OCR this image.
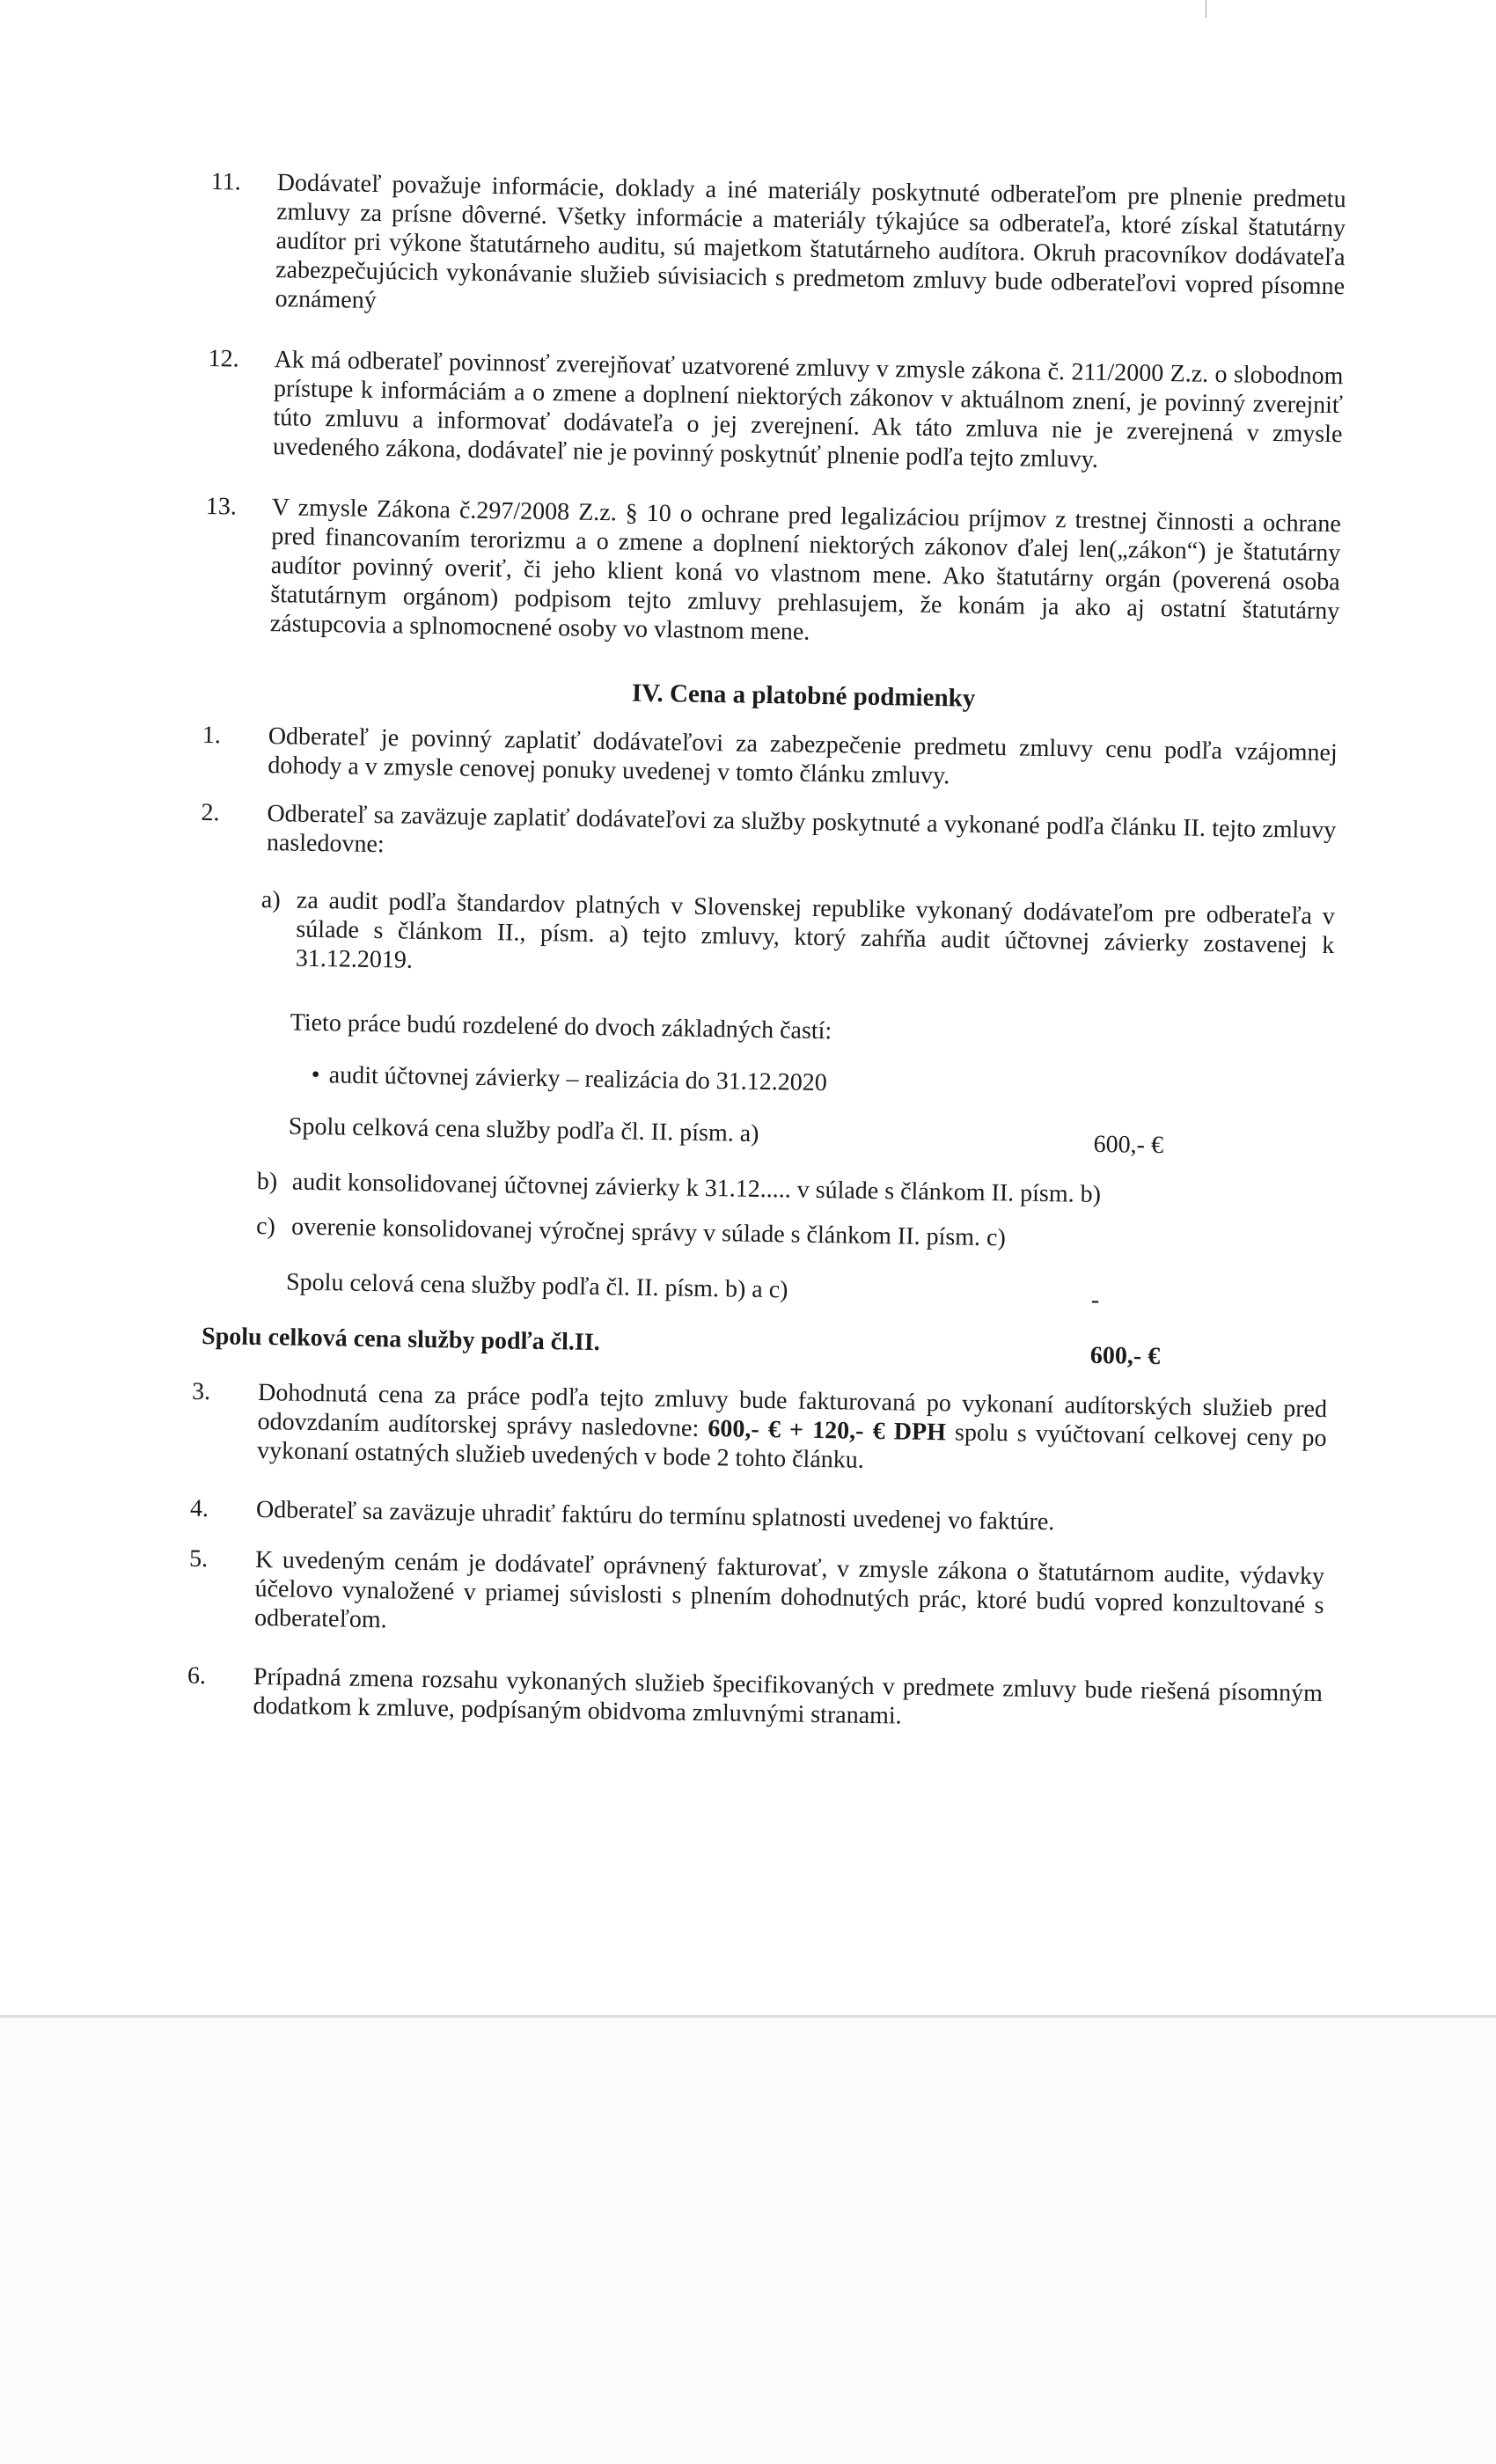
11.	Dodávateľ považuje informácie, doklady a iné materiály poskytnuté odberateľom pre plnenie predmetu zmluvy za prísne dôverné. Všetky informácie a materiály týkajúce sa odberateľa, ktoré získal štatutárny audítor pri výkone štatutárneho auditu, sú majetkom štatutárneho audítora. Okruh pracovníkov dodávateľa zabezpečujúcich vykonávanie služieb súvisiacich s predmetom zmluvy bude odberateľovi vopred písomne oznámený

12.	Ak má odberateľ povinnosť zverejňovať uzatvorené zmluvy v zmysle zákona č. 211/2000 Z.z. o slobodnom prístupe k informáciám a o zmene a doplnení niektorých zákonov v aktuálnom znení, je povinný zverejniť túto zmluvu a informovať dodávateľa o jej zverejnení. Ak táto zmluva nie je zverejnená v zmysle uvedeného zákona, dodávateľ nie je povinný poskytnúť plnenie podľa tejto zmluvy.

13.	V zmysle Zákona č.297/2008 Z.z. § 10 o ochrane pred legalizáciou príjmov z trestnej činnosti a ochrane pred financovaním terorizmu a o zmene a doplnení niektorých zákonov ďalej len(„zákon“) je štatutárny audítor povinný overiť, či jeho klient koná vo vlastnom mene. Ako štatutárny orgán (poverená osoba štatutárnym orgánom) podpisom tejto zmluvy prehlasujem, že konám ja ako aj ostatní štatutárny zástupcovia a splnomocnené osoby vo vlastnom mene.

IV. Cena a platobné podmienky
1.	Odberateľ je povinný zaplatiť dodávateľovi za zabezpečenie predmetu zmluvy cenu podľa vzájomnej dohody a v zmysle cenovej ponuky uvedenej v tomto článku zmluvy.

2.	Odberateľ sa zaväzuje zaplatiť dodávateľovi za služby poskytnuté a vykonané podľa článku II. tejto zmluvy nasledovne:

a) za audit podľa štandardov platných v Slovenskej republike vykonaný dodávateľom pre odberateľa v súlade s článkom II., písm. a) tejto zmluvy, ktorý zahŕňa audit účtovnej závierky zostavenej k 31.12.2019.

Tieto práce budú rozdelené do dvoch základných častí:

• audit účtovnej závierky – realizácia do 31.12.2020
Spolu celková cena služby podľa čl. II. písm. a)	600,- €
b) audit konsolidovanej účtovnej závierky k 31.12..... v súlade s článkom II. písm. b)

c) overenie konsolidovanej výročnej správy v súlade s článkom II. písm. c)

Spolu celová cena služby podľa čl. II. písm. b) a c)	-
Spolu celková cena služby podľa čl.II.	600,- €
3.	Dohodnutá cena za práce podľa tejto zmluvy bude fakturovaná po vykonaní audítorských služieb pred odovzdaním audítorskej správy nasledovne: 600,- € + 120,- € DPH spolu s vyúčtovaní celkovej ceny po vykonaní ostatných služieb uvedených v bode 2 tohto článku.

4.	Odberateľ sa zaväzuje uhradiť faktúru do termínu splatnosti uvedenej vo faktúre.

5.	K uvedeným cenám je dodávateľ oprávnený fakturovať, v zmysle zákona o štatutárnom audite, výdavky účelovo vynaložené v priamej súvislosti s plnením dohodnutých prác, ktoré budú vopred konzultované s odberateľom.

6.	Prípadná zmena rozsahu vykonaných služieb špecifikovaných v predmete zmluvy bude riešená písomným dodatkom k zmluve, podpísaným obidvoma zmluvnými stranami.
